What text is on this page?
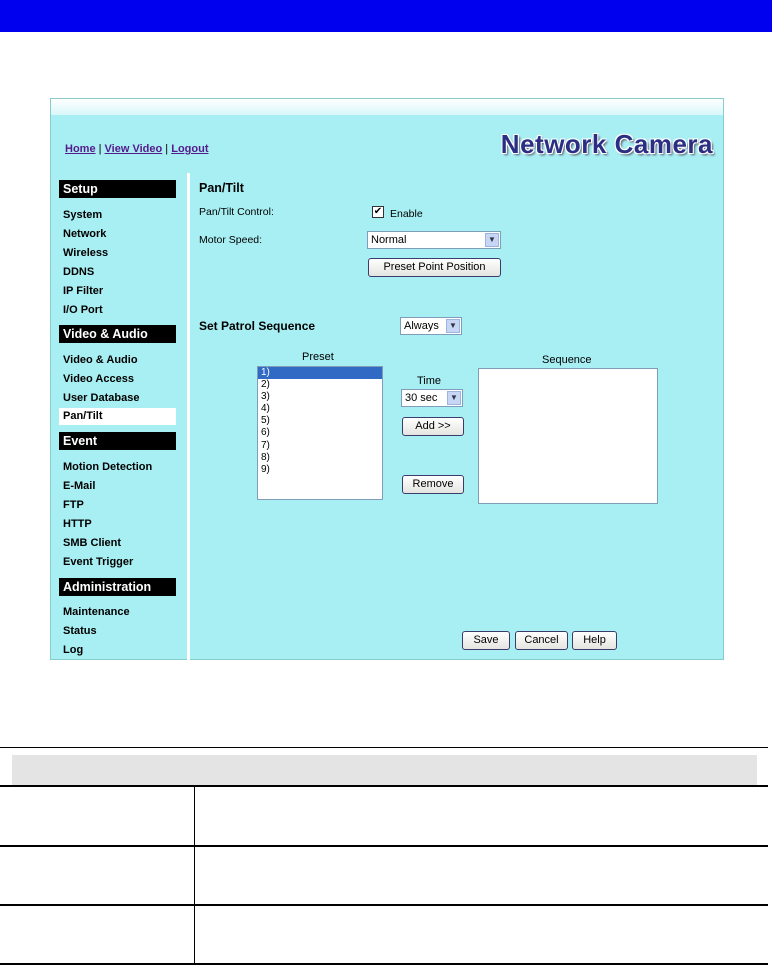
Home | View Video | Logout	Network Camera
Setup
System
Network
Wireless
DDNS
IP Filter
I/O Port
Video & Audio
Video & Audio
Video Access
User Database
Pan/Tilt
Event
Motion Detection
E-Mail
FTP
HTTP
SMB Client
Event Trigger
Administration
Maintenance
Status
Log
Pan/Tilt
Pan/Tilt Control:	✔ Enable
Motor Speed:	Normal	▼
Preset Point Position
Set Patrol Sequence	Always	▼
Preset
1)
2)
3)
4)
5)
6)
7)
8)
9)
Time
30 sec	▼
Add >>
Remove
Sequence
Save	Cancel	Help
